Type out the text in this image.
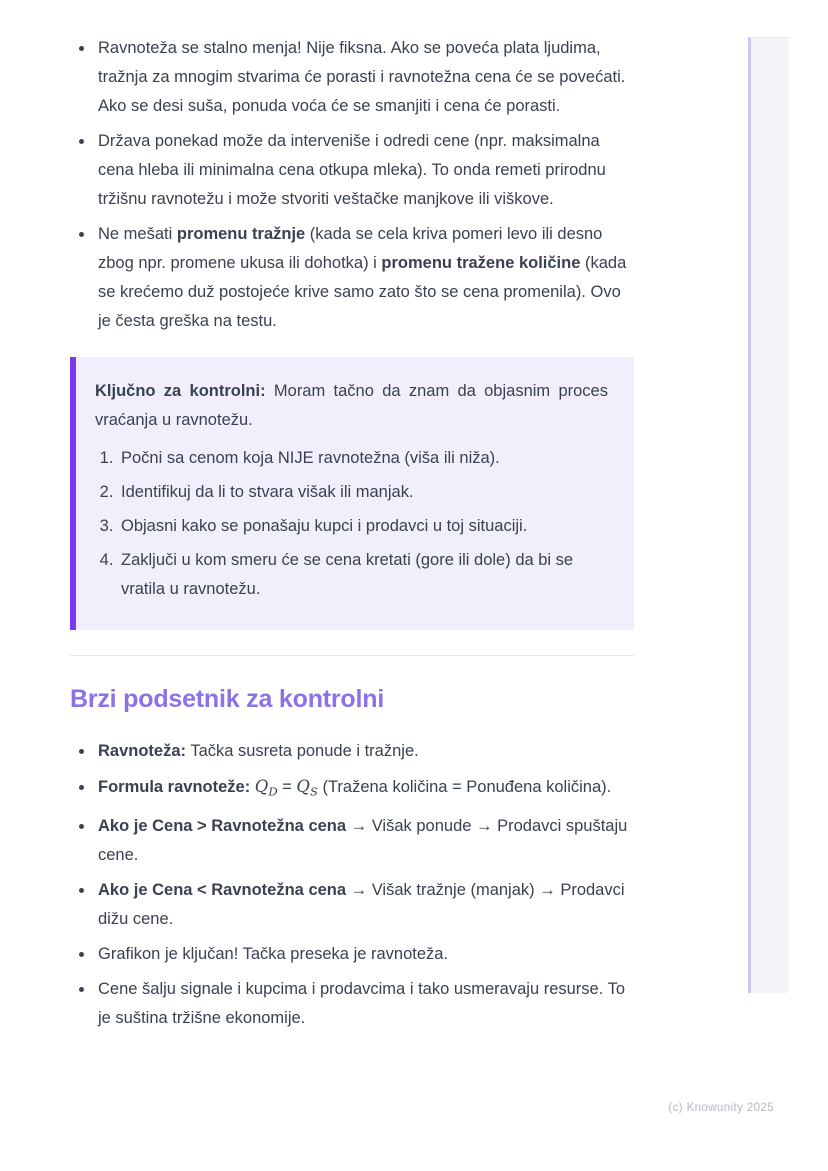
• Ravnoteža se stalno menja! Nije fiksna. Ako se poveća plata ljudima, tražnja za mnogim stvarima će porasti i ravnotežna cena će se povećati. Ako se desi suša, ponuda voća će se smanjiti i cena će porasti.
• Država ponekad može da interveniše i odredi cene (npr. maksimalna cena hleba ili minimalna cena otkupa mleka). To onda remeti prirodnu tržišnu ravnotežu i može stvoriti veštačke manjkove ili viškove.
• Ne mešati promenu tražnje (kada se cela kriva pomeri levo ili desno zbog npr. promene ukusa ili dohotka) i promenu tražene količine (kada se krećemo duž postojeće krive samo zato što se cena promenila). Ovo je česta greška na testu.

Ključno za kontrolni: Moram tačno da znam da objasnim proces vraćanja u ravnotežu.

1. Počni sa cenom koja NIJE ravnotežna (viša ili niža).
2. Identifikuj da li to stvara višak ili manjak.
3. Objasni kako se ponašaju kupci i prodavci u toj situaciji.
4. Zaključi u kom smeru će se cena kretati (gore ili dole) da bi se vratila u ravnotežu.
Brzi podsetnik za kontrolni
• Ravnoteža: Tačka susreta ponude i tražnje.
• Formula ravnoteže: $Q_D = Q_S$ (Tražena količina = Ponuđena količina).
• Ako je Cena > Ravnotežna cena → Višak ponude → Prodavci spuštaju cene.
• Ako je Cena < Ravnotežna cena → Višak tražnje (manjak) → Prodavci dižu cene.
• Grafikon je ključan! Tačka preseka je ravnoteža.
• Cene šalju signale i kupcima i prodavcima i tako usmeravaju resurse. To je suština tržišne ekonomije.
(c) Knowunity 2025
